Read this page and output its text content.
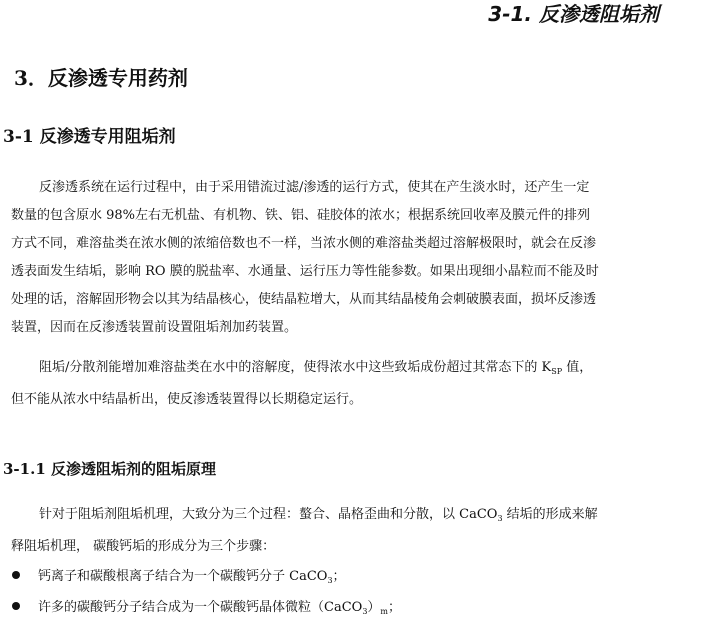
3-1. 反渗透阻垢剂
3．反渗透专用药剂
3-1 反渗透专用阻垢剂
反渗透系统在运行过程中，由于采用错流过滤/渗透的运行方式，使其在产生淡水时，还产生一定
数量的包含原水 98%左右无机盐、有机物、铁、铝、硅胶体的浓水；根据系统回收率及膜元件的排列
方式不同，难溶盐类在浓水侧的浓缩倍数也不一样，当浓水侧的难溶盐类超过溶解极限时，就会在反渗
透表面发生结垢，影响 RO 膜的脱盐率、水通量、运行压力等性能参数。如果出现细小晶粒而不能及时
处理的话，溶解固形物会以其为结晶核心，使结晶粒增大，从而其结晶棱角会刺破膜表面，损坏反渗透
装置，因而在反渗透装置前设置阻垢剂加药装置。
阻垢/分散剂能增加难溶盐类在水中的溶解度，使得浓水中这些致垢成份超过其常态下的 $K_{SP}$ 值，
但不能从浓水中结晶析出，使反渗透装置得以长期稳定运行。
3-1.1 反渗透阻垢剂的阻垢原理
针对于阻垢剂阻垢机理，大致分为三个过程：螯合、晶格歪曲和分散，以 CaCO$_3$ 结垢的形成来解
释阻垢机理， 碳酸钙垢的形成分为三个步骤：
钙离子和碳酸根离子结合为一个碳酸钙分子 CaCO$_3$；
许多的碳酸钙分子结合成为一个碳酸钙晶体微粒$(CaCO_3)_m$；
